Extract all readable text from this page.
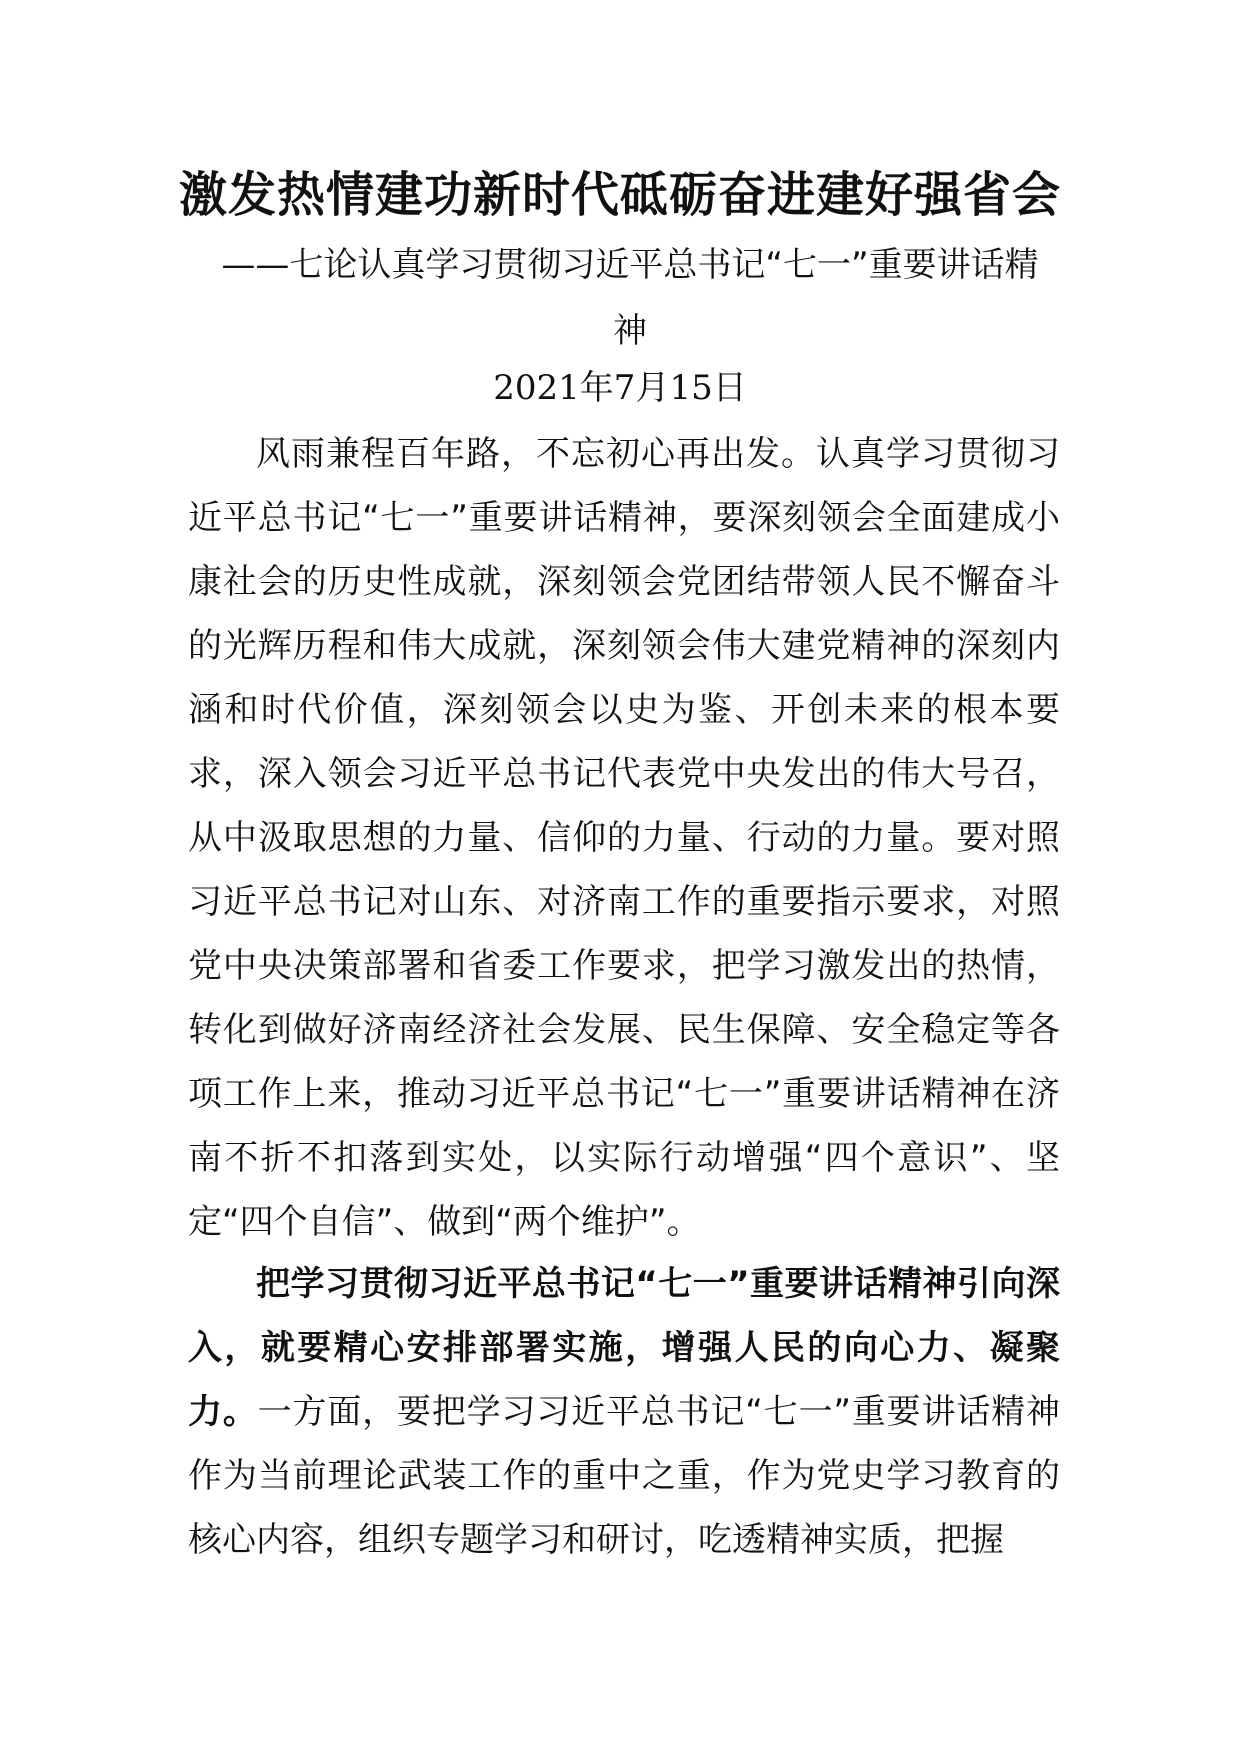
激发热情建功新时代砥砺奋进建好强省会
——七论认真学习贯彻习近平总书记“七一”重要讲话精神
2021年7月15日

风雨兼程百年路，不忘初心再出发。认真学习贯彻习近平总书记“七一”重要讲话精神，要深刻领会全面建成小康社会的历史性成就，深刻领会党团结带领人民不懈奋斗的光辉历程和伟大成就，深刻领会伟大建党精神的深刻内涵和时代价值，深刻领会以史为鉴、开创未来的根本要求，深入领会习近平总书记代表党中央发出的伟大号召，从中汲取思想的力量、信仰的力量、行动的力量。要对照习近平总书记对山东、对济南工作的重要指示要求，对照党中央决策部署和省委工作要求，把学习激发出的热情，转化到做好济南经济社会发展、民生保障、安全稳定等各项工作上来，推动习近平总书记“七一”重要讲话精神在济南不折不扣落到实处，以实际行动增强“四个意识”、坚定“四个自信”、做到“两个维护”。

把学习贯彻习近平总书记“七一”重要讲话精神引向深入，就要精心安排部署实施，增强人民的向心力、凝聚力。一方面，要把学习习近平总书记“七一”重要讲话精神作为当前理论武装工作的重中之重，作为党史学习教育的核心内容，组织专题学习和研讨，吃透精神实质，把握
